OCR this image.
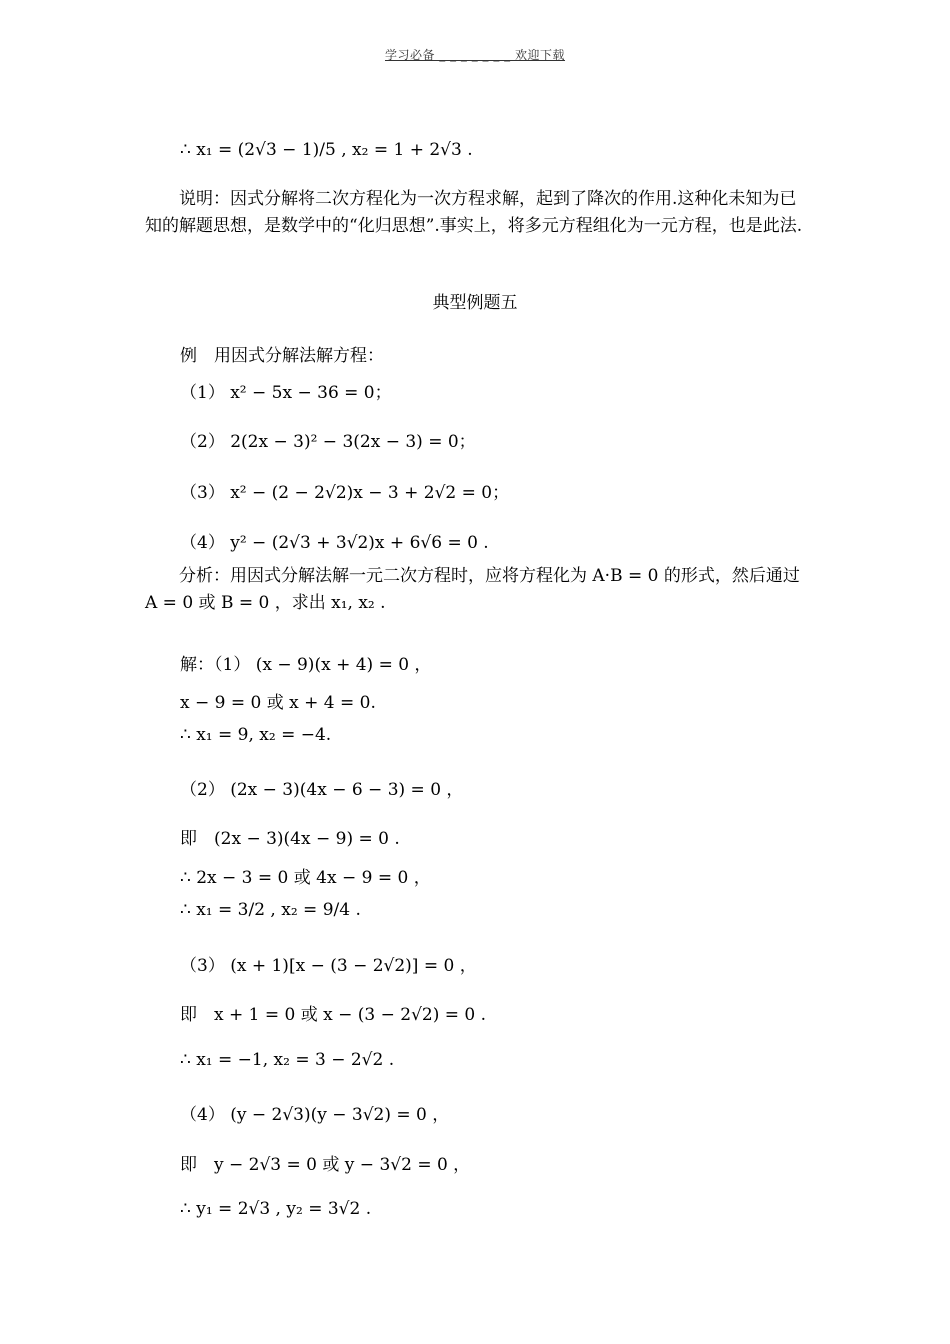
学习必备 _ _ _ _ _ _ _ 欢迎下载
∴ x₁ = (2√3 − 1)/5 , x₂ = 1 + 2√3 .
说明：因式分解将二次方程化为一次方程求解，起到了降次的作用.这种化未知为已知的解题思想，是数学中的“化归思想”.事实上，将多元方程组化为一元方程，也是此法.
典型例题五
例　用因式分解法解方程：
（1） x² − 5x − 36 = 0；
（2） 2(2x − 3)² − 3(2x − 3) = 0；
（3） x² − (2 − 2√2)x − 3 + 2√2 = 0；
（4） y² − (2√3 + 3√2)x + 6√6 = 0 .
分析：用因式分解法解一元二次方程时，应将方程化为 A·B = 0 的形式，然后通过 A = 0 或 B = 0 ，求出 x₁, x₂ .
解：（1） (x − 9)(x + 4) = 0 ，
x − 9 = 0 或 x + 4 = 0.
∴ x₁ = 9, x₂ = −4.
（2） (2x − 3)(4x − 6 − 3) = 0 ，
即　(2x − 3)(4x − 9) = 0 .
∴ 2x − 3 = 0 或 4x − 9 = 0 ，
∴ x₁ = 3/2 , x₂ = 9/4 .
（3） (x + 1)[x − (3 − 2√2)] = 0 ，
即　x + 1 = 0 或 x − (3 − 2√2) = 0 .
∴ x₁ = −1, x₂ = 3 − 2√2 .
（4） (y − 2√3)(y − 3√2) = 0 ，
即　y − 2√3 = 0 或 y − 3√2 = 0 ，
∴ y₁ = 2√3 , y₂ = 3√2 .
